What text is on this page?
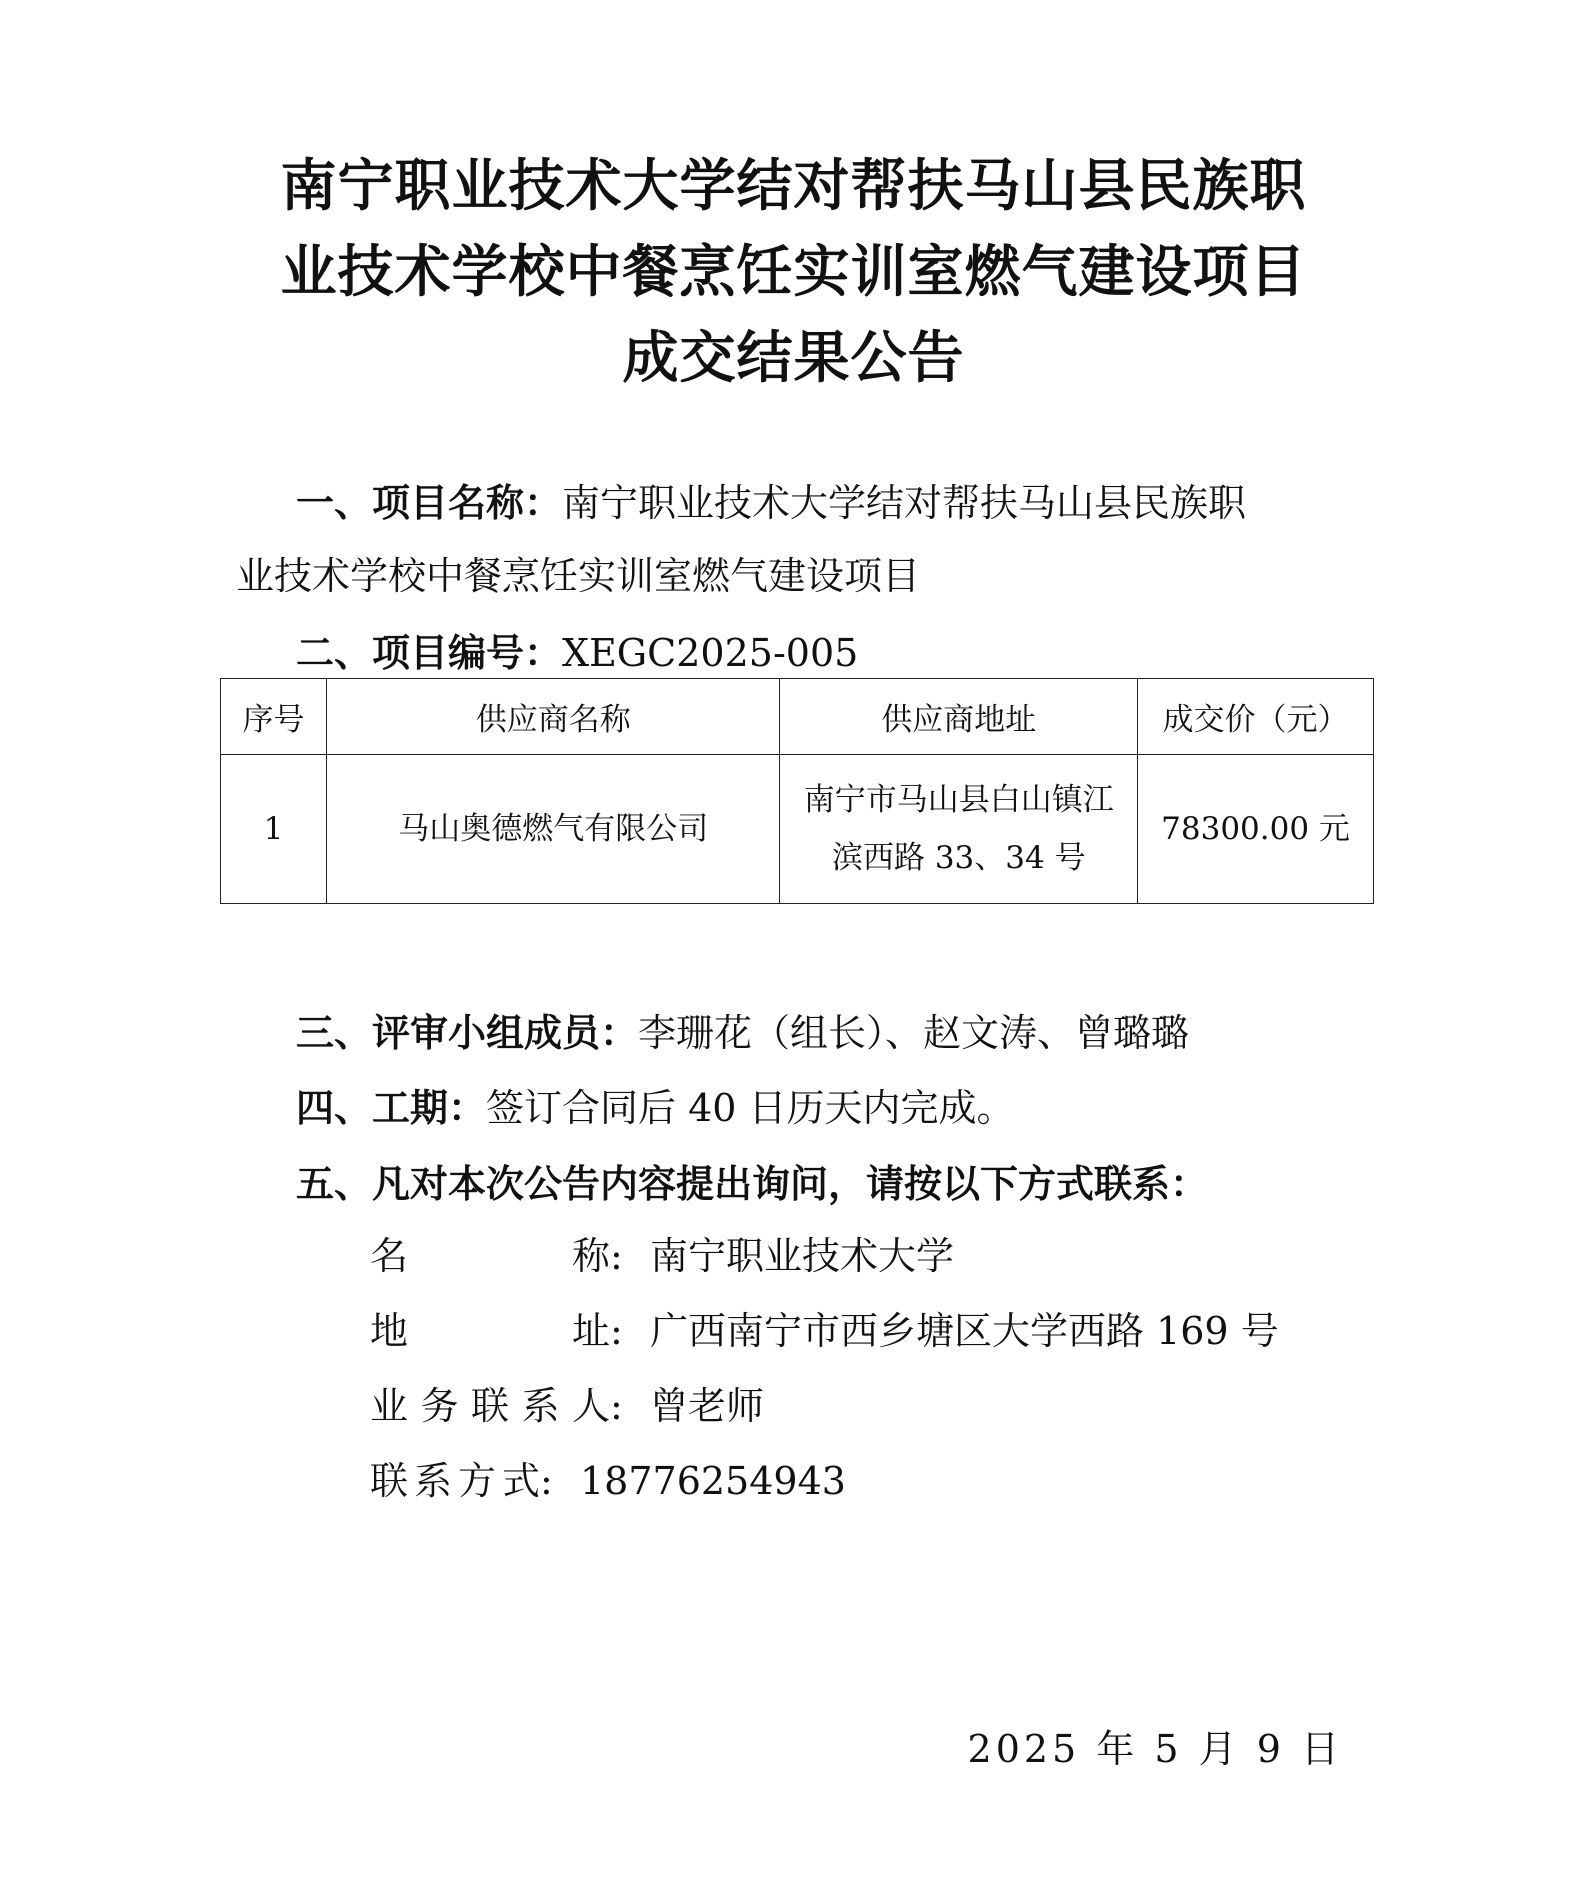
南宁职业技术大学结对帮扶马山县民族职
业技术学校中餐烹饪实训室燃气建设项目
成交结果公告
一、项目名称：南宁职业技术大学结对帮扶马山县民族职
业技术学校中餐烹饪实训室燃气建设项目
二、项目编号：XEGC2025-005
序号	供应商名称	供应商地址	成交价（元）
1	马山奥德燃气有限公司	南宁市马山县白山镇江
滨西路 33、34 号	78300.00 元
三、评审小组成员：李珊花（组长）、赵文涛、曾璐璐
四、工期：签订合同后 40 日历天内完成。
五、凡对本次公告内容提出询问，请按以下方式联系：
名称: 南宁职业技术大学
地址: 广西南宁市西乡塘区大学西路 169 号
业务联系人: 曾老师
联系方式: 18776254943
2025 年 5 月 9 日
